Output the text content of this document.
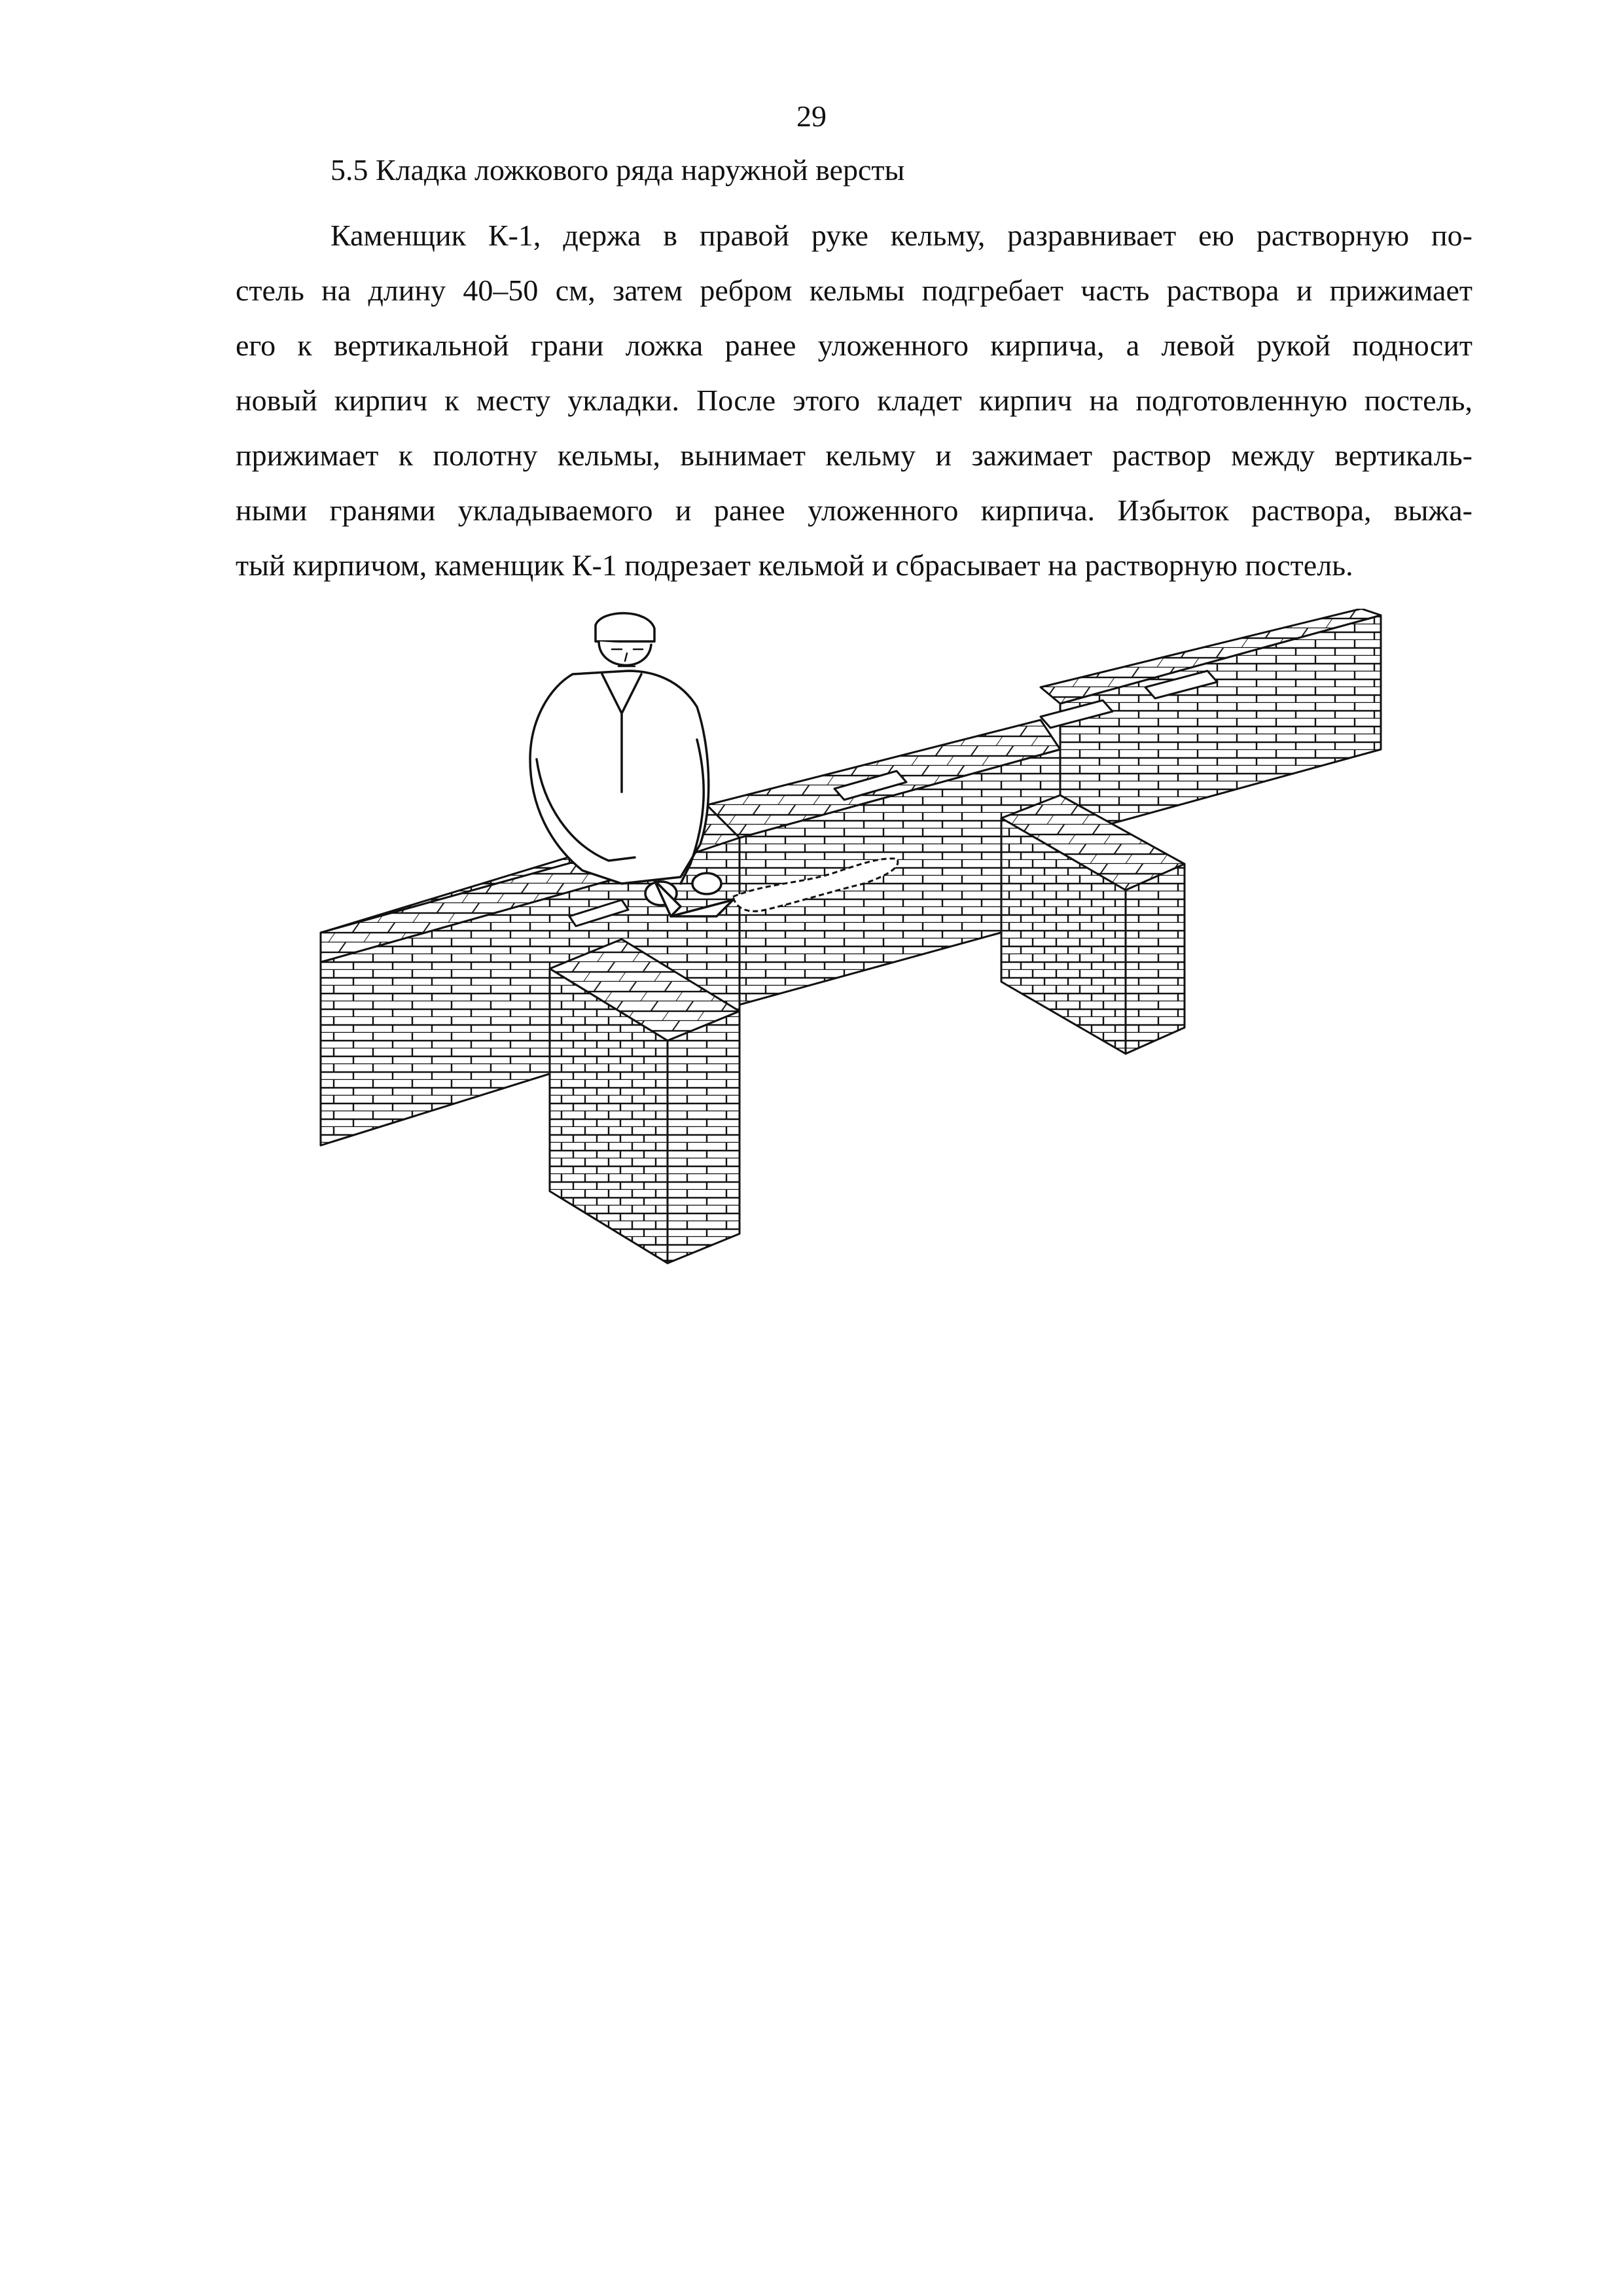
29
5.5 Кладка ложкового ряда наружной версты
Каменщик К-1, держа в правой руке кельму, разравнивает ею растворную по-
стель на длину 40–50 см, затем ребром кельмы подгребает часть раствора и прижимает
его к вертикальной грани ложка ранее уложенного кирпича, а левой рукой подносит
новый кирпич к месту укладки. После этого кладет кирпич на подготовленную постель,
прижимает к полотну кельмы, вынимает кельму и зажимает раствор между вертикаль-
ными гранями укладываемого и ранее уложенного кирпича. Избыток раствора, выжа-
тый кирпичом, каменщик К-1 подрезает кельмой и сбрасывает на растворную постель.
